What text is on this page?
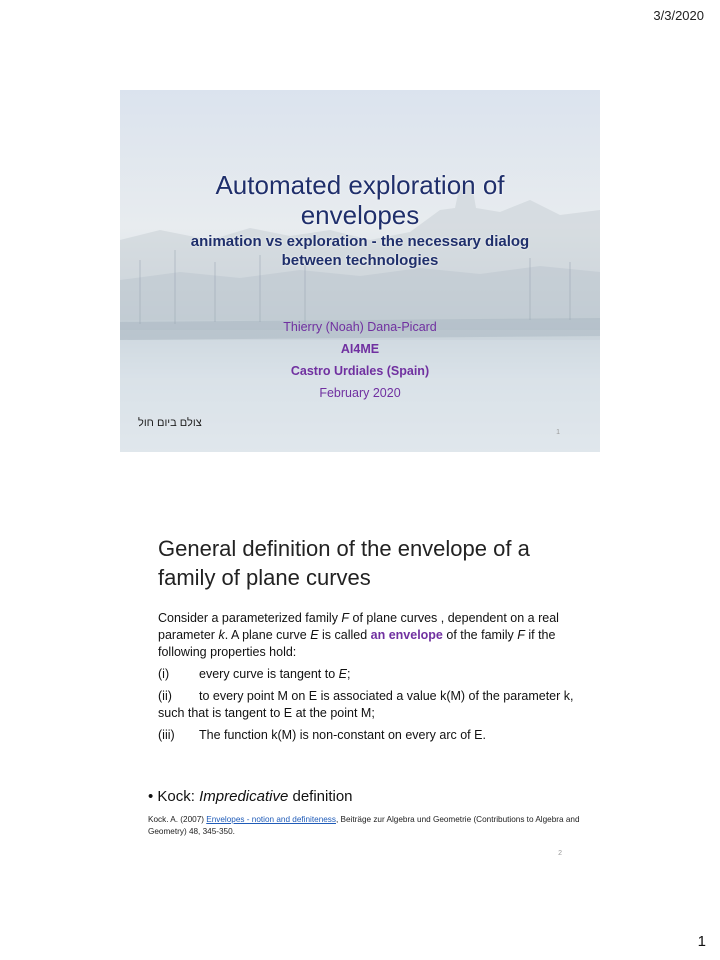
3/3/2020
Automated exploration of
envelopes
animation vs exploration - the necessary dialog
between technologies
Thierry (Noah) Dana-Picard
AI4ME
Castro Urdiales (Spain)
February 2020
צולם ביום חול
1
General definition of the envelope of a family of plane curves

Consider a parameterized family F of plane curves , dependent on a real parameter k. A plane curve E is called an envelope of the family F if the following properties hold:

(i) every curve is tangent to E;
(ii) to every point M on E is associated a value k(M) of the parameter k, such that is tangent to E at the point M;
(iii) The function k(M) is non-constant on every arc of E.
• Kock: Impredicative definition
Kock. A. (2007) Envelopes - notion and definiteness, Beiträge zur Algebra und Geometrie (Contributions to Algebra and Geometry) 48, 345-350.
2
1
